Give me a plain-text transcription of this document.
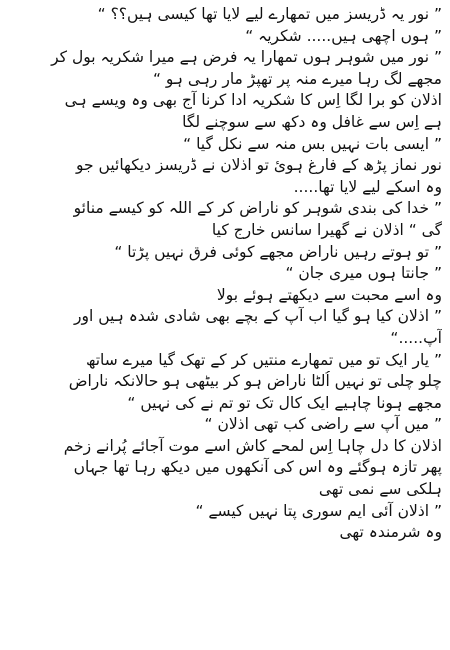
” نور یہ ڈریسز میں تمھارے لیے لایا تھا کیسی ہیں؟؟ “
” ہوں اچھی ہیں..... شکریہ “
” نور میں شوہر ہوں تمھارا یہ فرض ہے میرا شکریہ بول کر
مجھے لگ رہا میرے منہ پر تھپڑ مار رہی ہو “
اذلان کو برا لگا اِس کا شکریہ ادا کرنا آج بھی وہ ویسے ہی
ہے اِس سے غافل وہ دکھ سے سوچنے لگا
” ایسی بات نہیں بس منہ سے نکل گیا “
نور نماز پڑھ کے فارغ ہوئ تو اذلان نے ڈریسز دیکھائیں جو
وہ اسکے لیے لایا تھا.....
” خدا کی بندی شوہر کو ناراض کر کے اللہ کو کیسے منائو
گی “ اذلان نے گھیرا سانس خارج کیا
” تو ہوتے رہیں ناراض مجھے کوئی فرق نہیں پڑتا “
” جانتا ہوں میری جان “
وہ اسے محبت سے دیکھتے ہوئے بولا
” اذلان کیا ہو گیا اب آپ کے بچے بھی شادی شدہ ہیں اور
آپ.....“
” یار ایک تو میں تمھارے منتیں کر کے تھک گیا میرے ساتھ
چلو چلی تو نہیں اُلٹا ناراض ہو کر بیٹھی ہو حالانکہ ناراض
مجھے ہونا چاہیے ایک کال تک تو تم نے کی نہیں “
” میں آپ سے راضی کب تھی اذلان “
اذلان کا دل چاہا اِس لمحے کاش اسے موت آجائے پُرانے زخم
پھر تازہ ہوگئے وہ اس کی آنکھوں میں دیکھ رہا تھا جہاں
ہلکی سے نمی تھی
” اذلان آئی ایم سوری پتا نہیں کیسے “
وہ شرمندہ تھی
